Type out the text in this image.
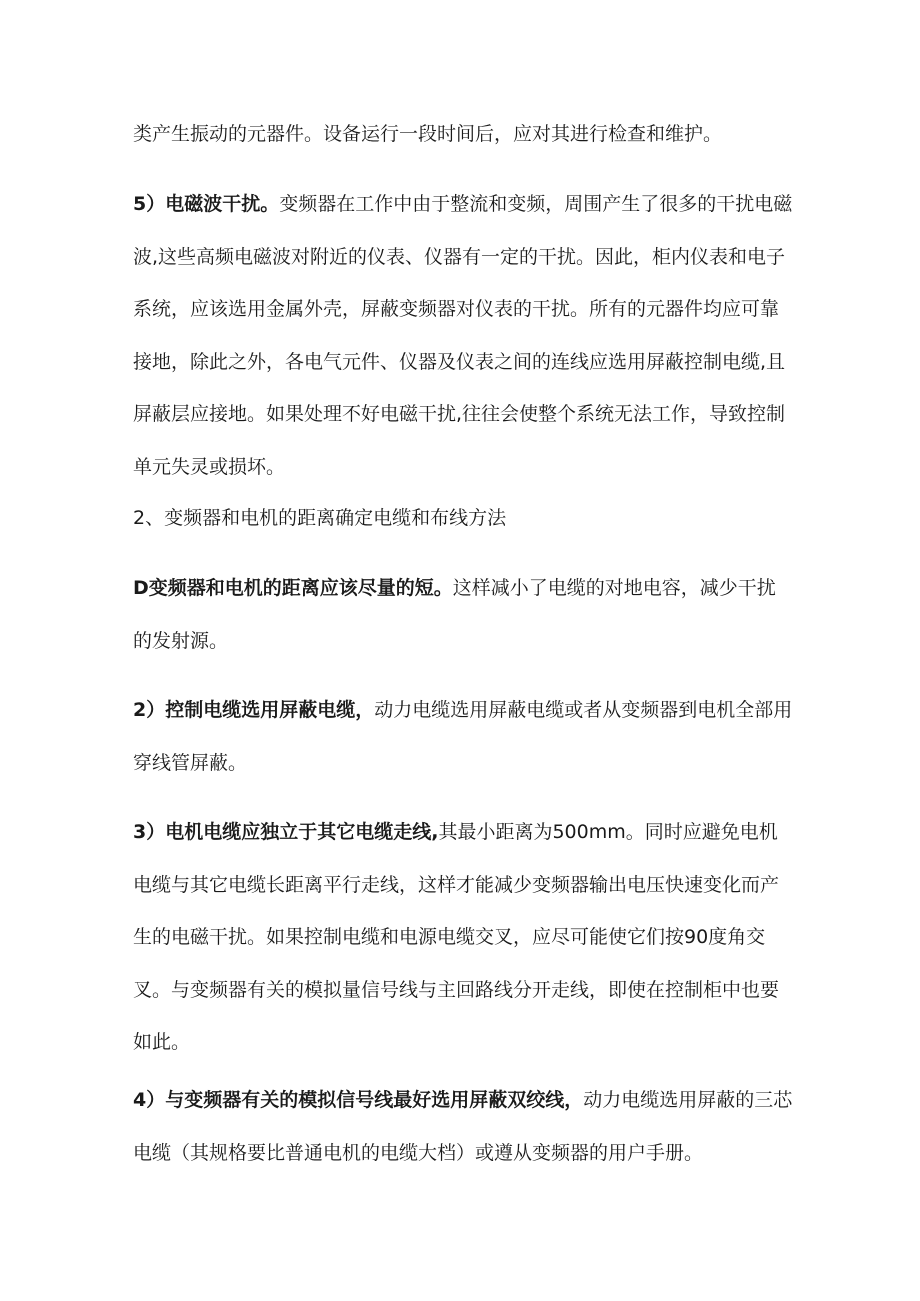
类产生振动的元器件。设备运行一段时间后，应对其进行检查和维护。

5）电磁波干扰。变频器在工作中由于整流和变频，周围产生了很多的干扰电磁波,这些高频电磁波对附近的仪表、仪器有一定的干扰。因此，柜内仪表和电子系统，应该选用金属外壳，屏蔽变频器对仪表的干扰。所有的元器件均应可靠接地，除此之外，各电气元件、仪器及仪表之间的连线应选用屏蔽控制电缆,且屏蔽层应接地。如果处理不好电磁干扰,往往会使整个系统无法工作，导致控制单元失灵或损坏。

2、变频器和电机的距离确定电缆和布线方法

D变频器和电机的距离应该尽量的短。这样减小了电缆的对地电容，减少干扰的发射源。

2）控制电缆选用屏蔽电缆，动力电缆选用屏蔽电缆或者从变频器到电机全部用穿线管屏蔽。

3）电机电缆应独立于其它电缆走线,其最小距离为500mm。同时应避免电机电缆与其它电缆长距离平行走线，这样才能减少变频器输出电压快速变化而产生的电磁干扰。如果控制电缆和电源电缆交叉，应尽可能使它们按90度角交叉。与变频器有关的模拟量信号线与主回路线分开走线，即使在控制柜中也要如此。

4）与变频器有关的模拟信号线最好选用屏蔽双绞线，动力电缆选用屏蔽的三芯电缆（其规格要比普通电机的电缆大档）或遵从变频器的用户手册。
